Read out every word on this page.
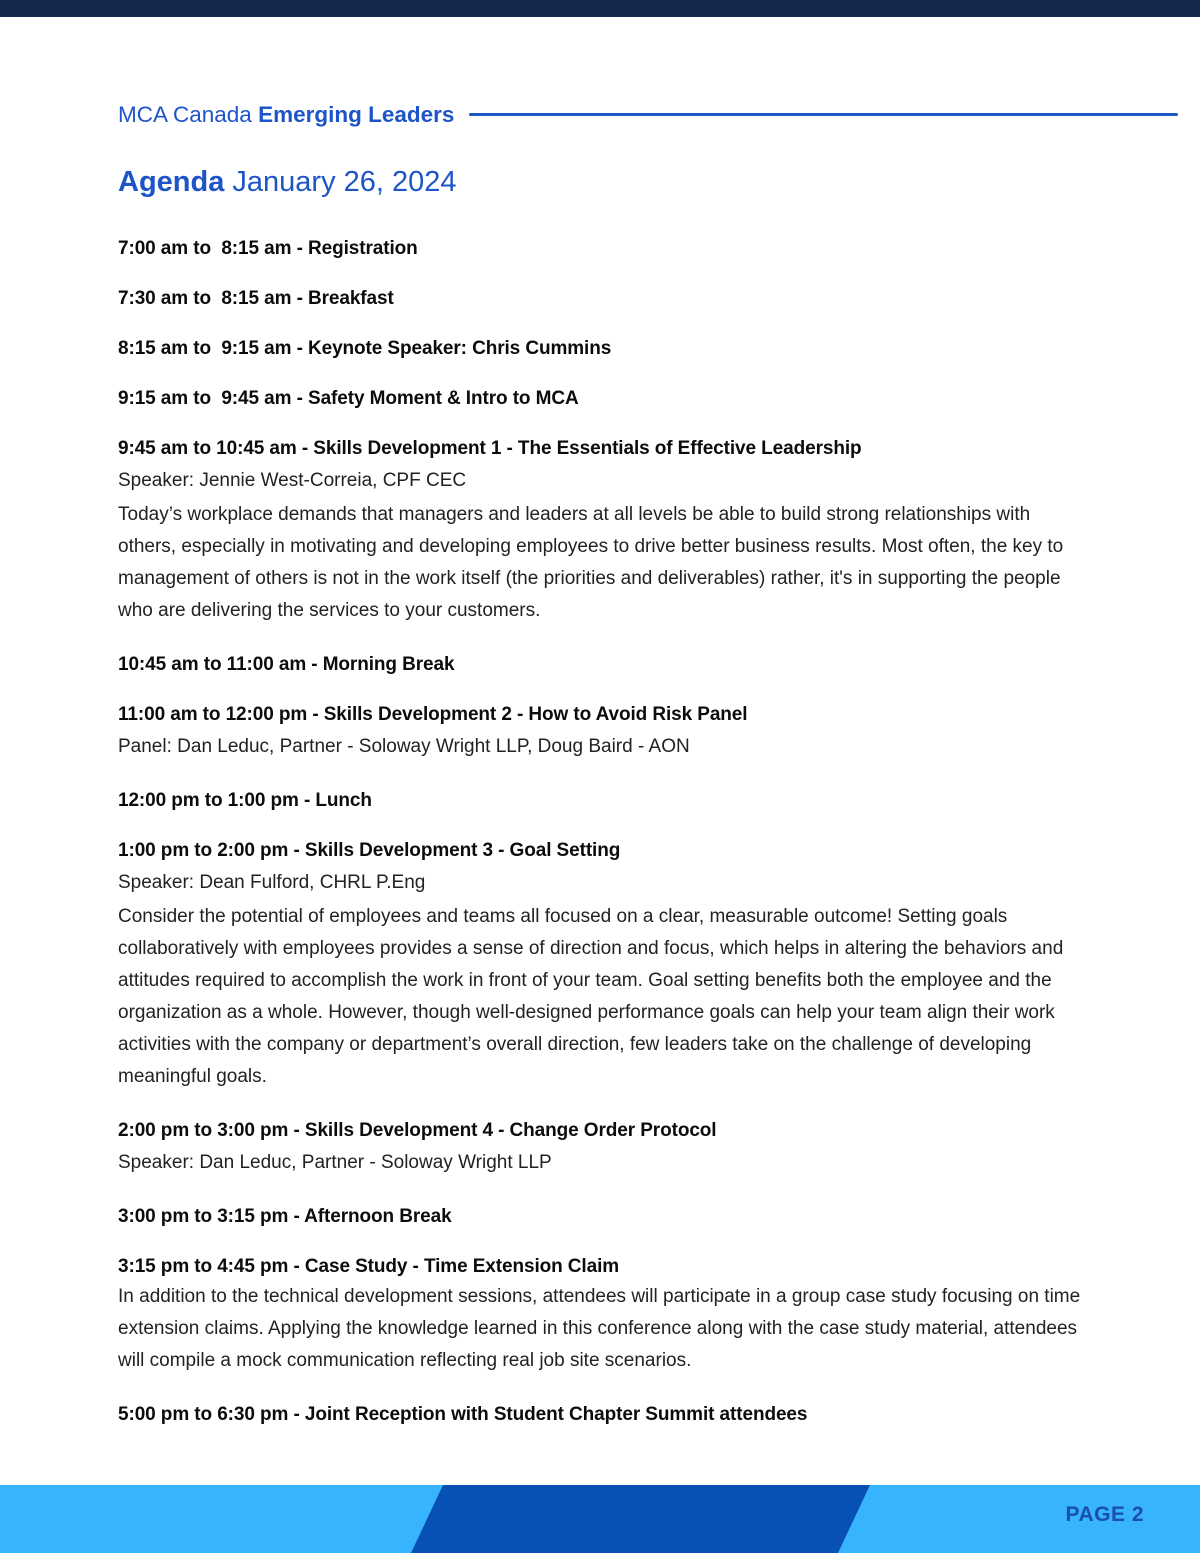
MCA Canada Emerging Leaders
Agenda January 26, 2024
7:00 am to  8:15 am - Registration
7:30 am to  8:15 am - Breakfast
8:15 am to  9:15 am - Keynote Speaker: Chris Cummins
9:15 am to  9:45 am - Safety Moment & Intro to MCA
9:45 am to 10:45 am - Skills Development 1 - The Essentials of Effective Leadership
Speaker: Jennie West-Correia, CPF CEC
Today’s workplace demands that managers and leaders at all levels be able to build strong relationships with others, especially in motivating and developing employees to drive better business results. Most often, the key to management of others is not in the work itself (the priorities and deliverables) rather, it's in supporting the people who are delivering the services to your customers.
10:45 am to 11:00 am - Morning Break
11:00 am to 12:00 pm - Skills Development 2 - How to Avoid Risk Panel
Panel: Dan Leduc, Partner - Soloway Wright LLP, Doug Baird - AON
12:00 pm to 1:00 pm - Lunch
1:00 pm to 2:00 pm - Skills Development 3 - Goal Setting
Speaker: Dean Fulford, CHRL P.Eng
Consider the potential of employees and teams all focused on a clear, measurable outcome! Setting goals collaboratively with employees provides a sense of direction and focus, which helps in altering the behaviors and attitudes required to accomplish the work in front of your team. Goal setting benefits both the employee and the organization as a whole. However, though well-designed performance goals can help your team align their work activities with the company or department’s overall direction, few leaders take on the challenge of developing meaningful goals.
2:00 pm to 3:00 pm - Skills Development 4 - Change Order Protocol
Speaker: Dan Leduc, Partner - Soloway Wright LLP
3:00 pm to 3:15 pm - Afternoon Break
3:15 pm to 4:45 pm - Case Study - Time Extension Claim
In addition to the technical development sessions, attendees will participate in a group case study focusing on time extension claims. Applying the knowledge learned in this conference along with the case study material, attendees will compile a mock communication reflecting real job site scenarios.
5:00 pm to 6:30 pm - Joint Reception with Student Chapter Summit attendees
PAGE 2
